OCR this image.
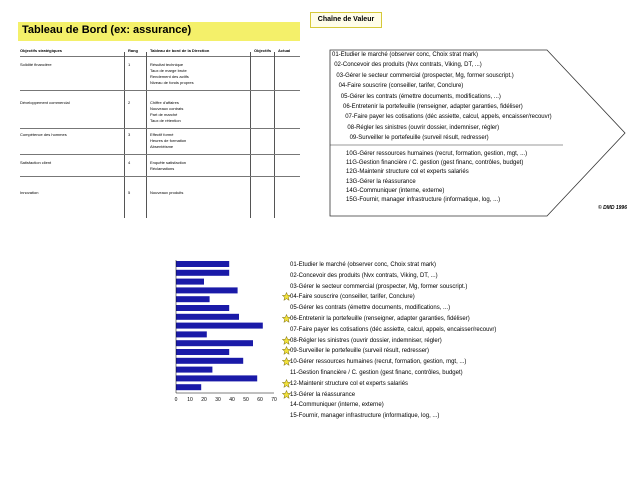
Tableau de Bord (ex: assurance)
Chaîne de Valeur
Objectifs stratégiques	Rang	Tableau de bord de la Direction	Objectifs	Actual
Solidité financière	1	Résultat technique
Taux de marge brute
Rendement des actifs
Niveau de fonds propres
Développement commercial	2	Chiffre d'affaires
Nouveaux contrats
Part de marché
Taux de rétention
Compétence des hommes	3	Effectif formé
Heures de formation
Absentéisme
Satisfaction client	4	Enquête satisfaction
Réclamations
Innovation	5	Nouveaux produits
01-Etudier le marché (observer conc, Choix strat mark)
02-Concevoir des produits (Nvx contrats, Viking, DT, ...)
03-Gérer le secteur commercial (prospecter, Mg, former souscript.)
04-Faire souscrire (conseiller, tarifer, Conclure)
05-Gérer les contrats (émettre documents, modifications, ...)
06-Entretenir la portefeuille (renseigner, adapter garanties, fidéliser)
07-Faire payer les cotisations (déc assiette, calcul, appels, encaisser/recouvr)
08-Régler les sinistres (ouvrir dossier, indemniser, régler)
09-Surveiller le portefeuille (surveil résult, redresser)
10G-Gérer ressources humaines (recrut, formation, gestion, mgt, ...)
11G-Gestion financière / C. gestion (gest financ, contrôles, budget)
12G-Maintenir structure col et experts salariés
13G-Gérer la réassurance
14G-Communiquer (interne, externe)
15G-Fournir, manager infrastructure (informatique, log, ...)
© DMD 1996
0 10 20 30 40 50 60 70
01-Etudier le marché (observer conc, Choix strat mark)
02-Concevoir des produits (Nvx contrats, Viking, DT, ...)
03-Gérer le secteur commercial (prospecter, Mg, former souscript.)
04-Faire souscrire (conseiller, tarifer, Conclure)
05-Gérer les contrats (émettre documents, modifications, ...)
06-Entretenir la portefeuille (renseigner, adapter garanties, fidéliser)
07-Faire payer les cotisations (déc assiette, calcul, appels, encaisser/recouvr)
08-Régler les sinistres (ouvrir dossier, indemniser, régler)
09-Surveiller le portefeuille (surveil résult, redresser)
10-Gérer ressources humaines (recrut, formation, gestion, mgt, ...)
11-Gestion financière / C. gestion (gest financ, contrôles, budget)
12-Maintenir structure col et experts salariés
13-Gérer la réassurance
14-Communiquer (interne, externe)
15-Fournir, manager infrastructure (informatique, log, ...)
